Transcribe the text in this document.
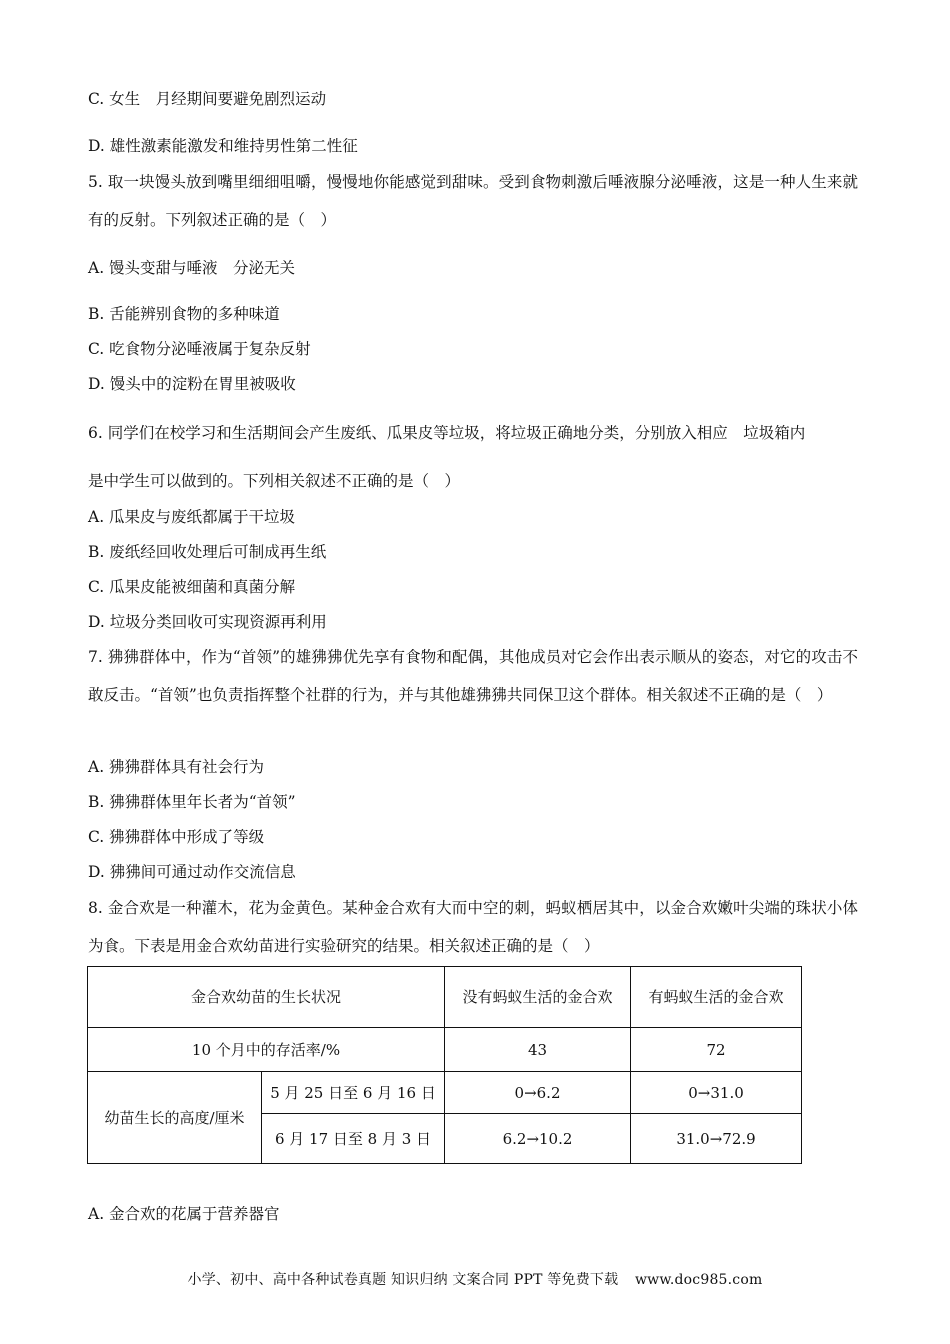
C. 女生　月经期间要避免剧烈运动
D. 雄性激素能激发和维持男性第二性征
5. 取一块馒头放到嘴里细细咀嚼，慢慢地你能感觉到甜味。受到食物刺激后唾液腺分泌唾液，这是一种人生来就有的反射。下列叙述正确的是（　）
A. 馒头变甜与唾液　分泌无关
B. 舌能辨别食物的多种味道
C. 吃食物分泌唾液属于复杂反射
D. 馒头中的淀粉在胃里被吸收
6. 同学们在校学习和生活期间会产生废纸、瓜果皮等垃圾，将垃圾正确地分类，分别放入相应　垃圾箱内
是中学生可以做到的。下列相关叙述不正确的是（　）
A. 瓜果皮与废纸都属于干垃圾
B. 废纸经回收处理后可制成再生纸
C. 瓜果皮能被细菌和真菌分解
D. 垃圾分类回收可实现资源再利用
7. 狒狒群体中，作为“首领”的雄狒狒优先享有食物和配偶，其他成员对它会作出表示顺从的姿态，对它的攻击不敢反击。“首领”也负责指挥整个社群的行为，并与其他雄狒狒共同保卫这个群体。相关叙述不正确的是（　）
A. 狒狒群体具有社会行为
B. 狒狒群体里年长者为“首领”
C. 狒狒群体中形成了等级
D. 狒狒间可通过动作交流信息
8. 金合欢是一种灌木，花为金黄色。某种金合欢有大而中空的刺，蚂蚁栖居其中，以金合欢嫩叶尖端的珠状小体为食。下表是用金合欢幼苗进行实验研究的结果。相关叙述正确的是（　）
金合欢幼苗的生长状况		没有蚂蚁生活的金合欢	有蚂蚁生活的金合欢
10 个月中的存活率/%		43	72
幼苗生长的高度/厘米	5 月 25 日至 6 月 16 日	0→6.2	0→31.0
	6 月 17 日至 8 月 3 日	6.2→10.2	31.0→72.9
A. 金合欢的花属于营养器官
小学、初中、高中各种试卷真题 知识归纳 文案合同 PPT 等免费下载 www.doc985.com
